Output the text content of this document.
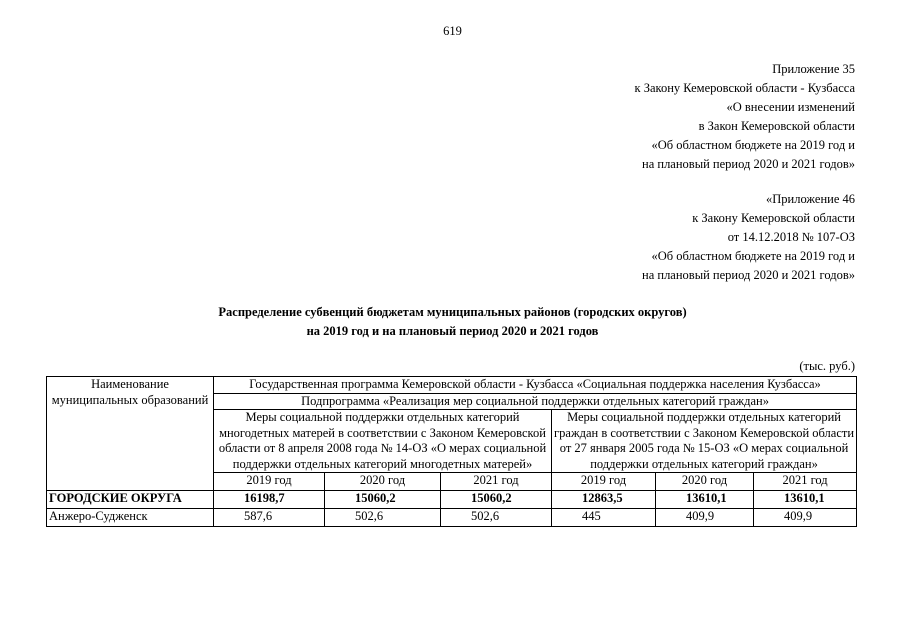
619
Приложение 35
к Закону Кемеровской области - Кузбасса
«О внесении изменений
в Закон Кемеровской области
«Об областном бюджете на 2019 год и
на плановый период 2020 и 2021 годов»
«Приложение 46
к Закону Кемеровской области
от 14.12.2018 № 107-ОЗ
«Об областном бюджете на 2019 год и
на плановый период 2020 и 2021 годов»
Распределение субвенций бюджетам муниципальных районов (городских округов)
на 2019 год и на плановый период 2020 и 2021 годов
(тыс. руб.)
Наименование муниципальных образований	Государственная программа Кемеровской области - Кузбасса «Социальная поддержка населения Кузбасса»					
	Подпрограмма «Реализация мер социальной поддержки отдельных категорий граждан»					
	Меры социальной поддержки отдельных категорий многодетных матерей в соответствии с Законом Кемеровской области от 8 апреля 2008 года № 14-ОЗ «О мерах социальной поддержки отдельных категорий многодетных матерей»			Меры социальной поддержки отдельных категорий граждан в соответствии с Законом Кемеровской области от 27 января 2005 года № 15-ОЗ «О мерах социальной поддержки отдельных категорий граждан»		
	2019 год	2020 год	2021 год	2019 год	2020 год	2021 год
ГОРОДСКИЕ ОКРУГА	16198,7	15060,2	15060,2	12863,5	13610,1	13610,1
Анжеро-Судженск	587,6	502,6	502,6	445	409,9	409,9
